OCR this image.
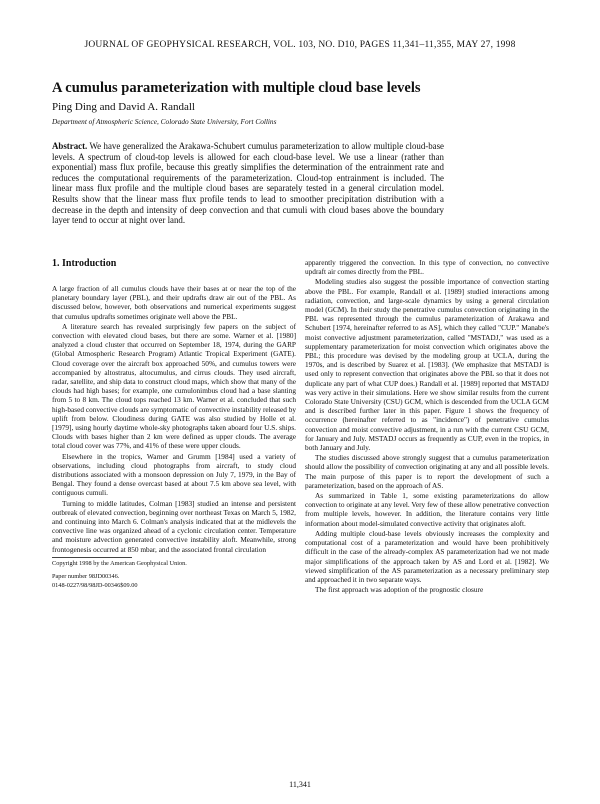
JOURNAL OF GEOPHYSICAL RESEARCH, VOL. 103, NO. D10, PAGES 11,341–11,355, MAY 27, 1998
A cumulus parameterization with multiple cloud base levels
Ping Ding and David A. Randall
Department of Atmospheric Science, Colorado State University, Fort Collins

Abstract. We have generalized the Arakawa-Schubert cumulus parameterization to allow multiple cloud-base levels. A spectrum of cloud-top levels is allowed for each cloud-base level. We use a linear (rather than exponential) mass flux profile, because this greatly simplifies the determination of the entrainment rate and reduces the computational requirements of the parameterization. Cloud-top entrainment is included. The linear mass flux profile and the multiple cloud bases are separately tested in a general circulation model. Results show that the linear mass flux profile tends to lead to smoother precipitation distribution with a decrease in the depth and intensity of deep convection and that cumuli with cloud bases above the boundary layer tend to occur at night over land.

1. Introduction

A large fraction of all cumulus clouds have their bases at or near the top of the planetary boundary layer (PBL), and their updrafts draw air out of the PBL. As discussed below, however, both observations and numerical experiments suggest that cumulus updrafts sometimes originate well above the PBL.

A literature search has revealed surprisingly few papers on the subject of convection with elevated cloud bases, but there are some. Warner et al. [1980] analyzed a cloud cluster that occurred on September 18, 1974, during the GARP (Global Atmospheric Research Program) Atlantic Tropical Experiment (GATE). Cloud coverage over the aircraft box approached 50%, and cumulus towers were accompanied by altostratus, altocumulus, and cirrus clouds. They used aircraft, radar, satellite, and ship data to construct cloud maps, which show that many of the clouds had high bases; for example, one cumulonimbus cloud had a base slanting from 5 to 8 km. The cloud tops reached 13 km. Warner et al. concluded that such high-based convective clouds are symptomatic of convective instability released by uplift from below. Cloudiness during GATE was also studied by Holle et al. [1979], using hourly daytime whole-sky photographs taken aboard four U.S. ships. Clouds with bases higher than 2 km were defined as upper clouds. The average total cloud cover was 77%, and 41% of these were upper clouds.

Elsewhere in the tropics, Warner and Grumm [1984] used a variety of observations, including cloud photographs from aircraft, to study cloud distributions associated with a monsoon depression on July 7, 1979, in the Bay of Bengal. They found a dense overcast based at about 7.5 km above sea level, with contiguous cumuli.

Turning to middle latitudes, Colman [1983] studied an intense and persistent outbreak of elevated convection, beginning over northeast Texas on March 5, 1982, and continuing into March 6. Colman's analysis indicated that at the midlevels the convective line was organized ahead of a cyclonic circulation center. Temperature and moisture advection generated convective instability aloft. Meanwhile, strong frontogenesis occurred at 850 mbar, and the associated frontal circulation

Copyright 1998 by the American Geophysical Union.

Paper number 98JD00346.

0148-0227/98/98JD-00346$09.00

apparently triggered the convection. In this type of convection, no convective updraft air comes directly from the PBL.

Modeling studies also suggest the possible importance of convection starting above the PBL. For example, Randall et al. [1989] studied interactions among radiation, convection, and large-scale dynamics by using a general circulation model (GCM). In their study the penetrative cumulus convection originating in the PBL was represented through the cumulus parameterization of Arakawa and Schubert [1974, hereinafter referred to as AS], which they called "CUP." Manabe's moist convective adjustment parameterization, called "MSTADJ," was used as a supplementary parameterization for moist convection which originates above the PBL; this procedure was devised by the modeling group at UCLA, during the 1970s, and is described by Suarez et al. [1983]. (We emphasize that MSTADJ is used only to represent convection that originates above the PBL so that it does not duplicate any part of what CUP does.) Randall et al. [1989] reported that MSTADJ was very active in their simulations. Here we show similar results from the current Colorado State University (CSU) GCM, which is descended from the UCLA GCM and is described further later in this paper. Figure 1 shows the frequency of occurrence (hereinafter referred to as "incidence") of penetrative cumulus convection and moist convective adjustment, in a run with the current CSU GCM, for January and July. MSTADJ occurs as frequently as CUP, even in the tropics, in both January and July.

The studies discussed above strongly suggest that a cumulus parameterization should allow the possibility of convection originating at any and all possible levels. The main purpose of this paper is to report the development of such a parameterization, based on the approach of AS.

As summarized in Table 1, some existing parameterizations do allow convection to originate at any level. Very few of these allow penetrative convection from multiple levels, however. In addition, the literature contains very little information about model-simulated convective activity that originates aloft.

Adding multiple cloud-base levels obviously increases the complexity and computational cost of a parameterization and would have been prohibitively difficult in the case of the already-complex AS parameterization had we not made major simplifications of the approach taken by AS and Lord et al. [1982]. We viewed simplification of the AS parameterization as a necessary preliminary step and approached it in two separate ways.

The first approach was adoption of the prognostic closure

11,341
